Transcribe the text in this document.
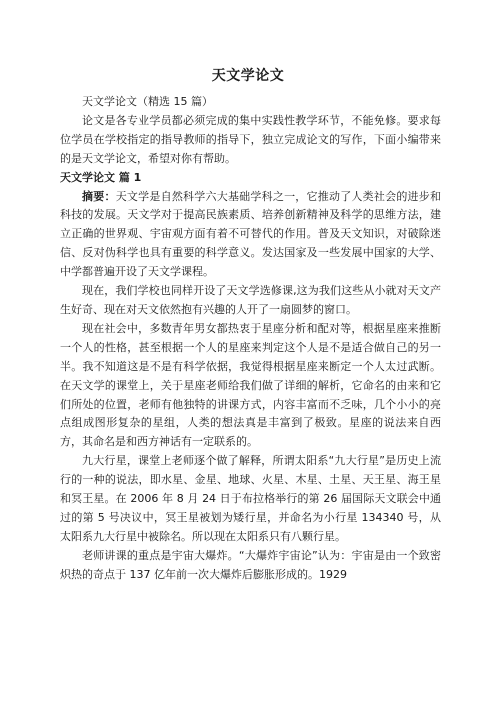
天文学论文

天文学论文（精选 15 篇）

论文是各专业学员都必须完成的集中实践性教学环节，不能免修。要求每位学员在学校指定的指导教师的指导下，独立完成论文的写作，下面小编带来的是天文学论文，希望对你有帮助。

天文学论文 篇 1

摘要：天文学是自然科学六大基础学科之一，它推动了人类社会的进步和科技的发展。天文学对于提高民族素质、培养创新精神及科学的思维方法，建立正确的世界观、宇宙观方面有着不可替代的作用。普及天文知识，对破除迷信、反对伪科学也具有重要的科学意义。发达国家及一些发展中国家的大学、中学都普遍开设了天文学课程。

现在，我们学校也同样开设了天文学选修课,这为我们这些从小就对天文产生好奇、现在对天文依然抱有兴趣的人开了一扇圆梦的窗口。

现在社会中，多数青年男女都热衷于星座分析和配对等，根据星座来推断一个人的性格，甚至根据一个人的星座来判定这个人是不是适合做自己的另一半。我不知道这是不是有科学依据，我觉得根据星座来断定一个人太过武断。在天文学的课堂上，关于星座老师给我们做了详细的解析，它命名的由来和它们所处的位置，老师有他独特的讲课方式，内容丰富而不乏味，几个小小的亮点组成图形复杂的星组，人类的想法真是丰富到了极致。星座的说法来自西方，其命名是和西方神话有一定联系的。

九大行星，课堂上老师逐个做了解释，所谓太阳系“九大行星”是历史上流行的一种的说法，即水星、金星、地球、火星、木星、土星、天王星、海王星和冥王星。在 2006 年 8 月 24 日于布拉格举行的第 26 届国际天文联会中通过的第 5 号决议中，冥王星被划为矮行星，并命名为小行星 134340 号，从太阳系九大行星中被除名。所以现在太阳系只有八颗行星。

老师讲课的重点是宇宙大爆炸。“大爆炸宇宙论”认为：宇宙是由一个致密炽热的奇点于 137 亿年前一次大爆炸后膨胀形成的。1929
